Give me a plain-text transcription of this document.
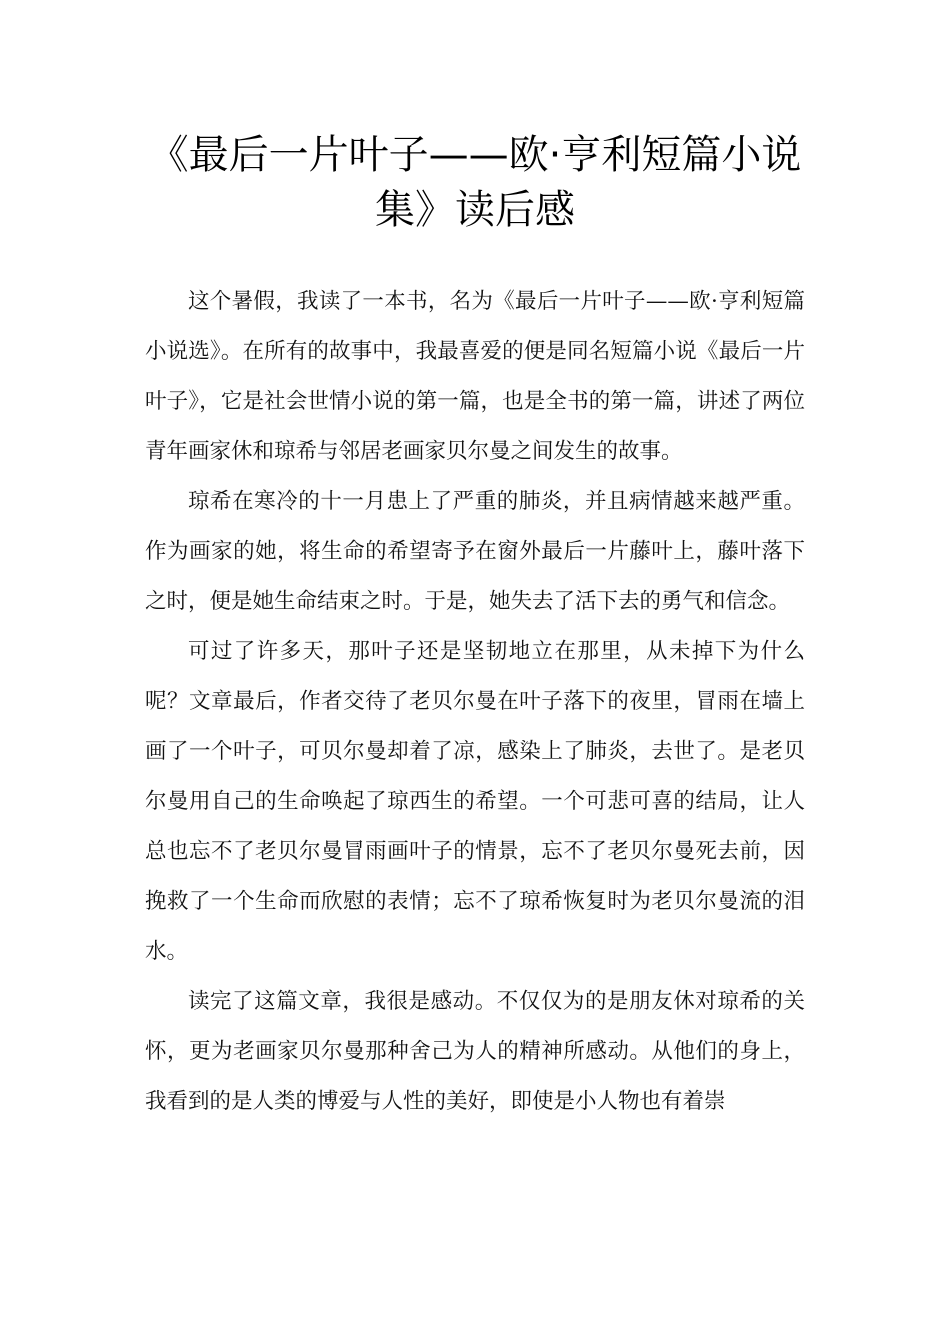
《最后一片叶子——欧·亨利短篇小说集》读后感

这个暑假，我读了一本书，名为《最后一片叶子——欧·亨利短篇小说选》。在所有的故事中，我最喜爱的便是同名短篇小说《最后一片叶子》，它是社会世情小说的第一篇，也是全书的第一篇，讲述了两位青年画家休和琼希与邻居老画家贝尔曼之间发生的故事。

琼希在寒冷的十一月患上了严重的肺炎，并且病情越来越严重。作为画家的她，将生命的希望寄予在窗外最后一片藤叶上，藤叶落下之时，便是她生命结束之时。于是，她失去了活下去的勇气和信念。

可过了许多天，那叶子还是坚韧地立在那里，从未掉下为什么呢？文章最后，作者交待了老贝尔曼在叶子落下的夜里，冒雨在墙上画了一个叶子，可贝尔曼却着了凉，感染上了肺炎，去世了。是老贝尔曼用自己的生命唤起了琼西生的希望。一个可悲可喜的结局，让人总也忘不了老贝尔曼冒雨画叶子的情景，忘不了老贝尔曼死去前，因挽救了一个生命而欣慰的表情；忘不了琼希恢复时为老贝尔曼流的泪水。

读完了这篇文章，我很是感动。不仅仅为的是朋友休对琼希的关怀，更为老画家贝尔曼那种舍己为人的精神所感动。从他们的身上，我看到的是人类的博爱与人性的美好，即使是小人物也有着崇
